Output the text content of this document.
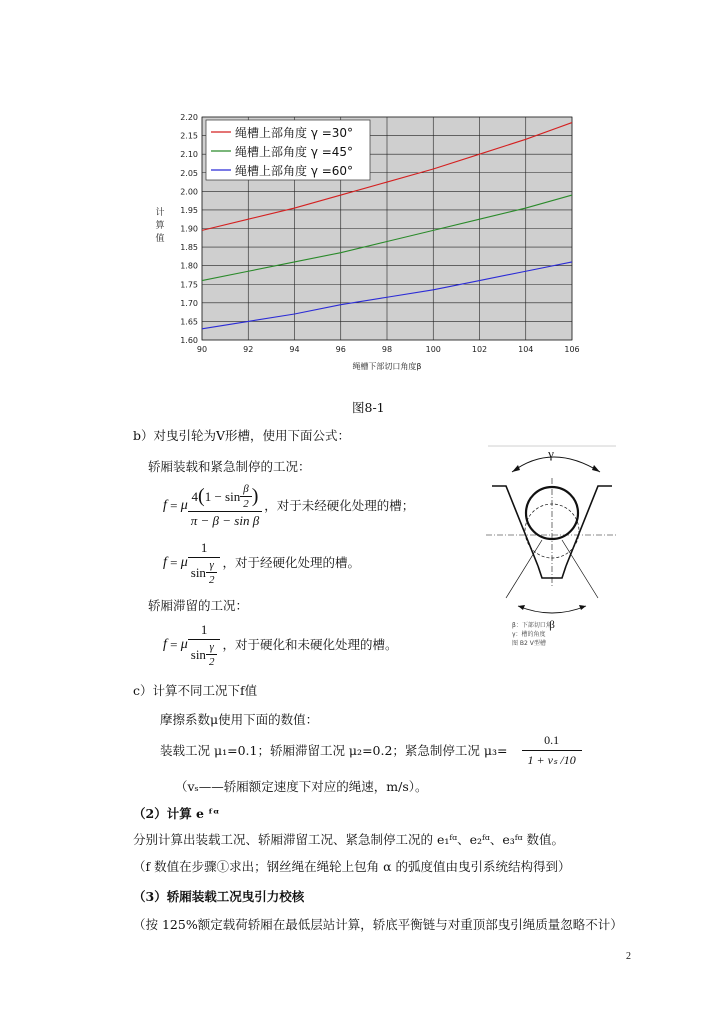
90	92	94	96	98	100	102	104	106
1.60
1.65
1.70
1.75
1.80
1.85
1.90
1.95
2.00
2.05
2.10
2.15
2.20
绳槽上部角度 γ =30°
绳槽上部角度 γ =45°
绳槽上部角度 γ =60°
绳槽下部切口角度β
计
算
值
图8-1
γ
β
β：下部切口角
γ：槽的角度
图 B2 V型槽
b）对曳引轮为V形槽，使用下面公式：
轿厢装载和紧急制停的工况：
f = μ $\frac{4 ( 1 - \sin \frac{\beta}{2} )}{\text{π − β − sin β}}$ ，对于未经硬化处理的槽；
f = μ $\frac{1}{\sin \frac{\gamma}{2}}$ ，对于经硬化处理的槽。
轿厢滞留的工况：
f = μ $\frac{1}{\sin \frac{\gamma}{2}}$ ，对于硬化和未硬化处理的槽。
c）计算不同工况下f值
摩擦系数μ使用下面的数值：
装载工况 μ₁=0.1；轿厢滞留工况 μ₂=0.2；紧急制停工况 $\mu_3= \frac{0.1}{\text{1 + vₛ /10}}$
（vₛ——轿厢额定速度下对应的绳速，m/s）。
（2）计算 e ᶠᵅ
分别计算出装载工况、轿厢滞留工况、紧急制停工况的 e₁ᶠᵅ、e₂ᶠᵅ、e₃ᶠᵅ 数值。
（f 数值在步骤①求出；钢丝绳在绳轮上包角 α 的弧度值由曳引系统结构得到）
（3）轿厢装载工况曳引力校核
（按 125%额定载荷轿厢在最低层站计算，轿底平衡链与对重顶部曳引绳质量忽略不计）
2
